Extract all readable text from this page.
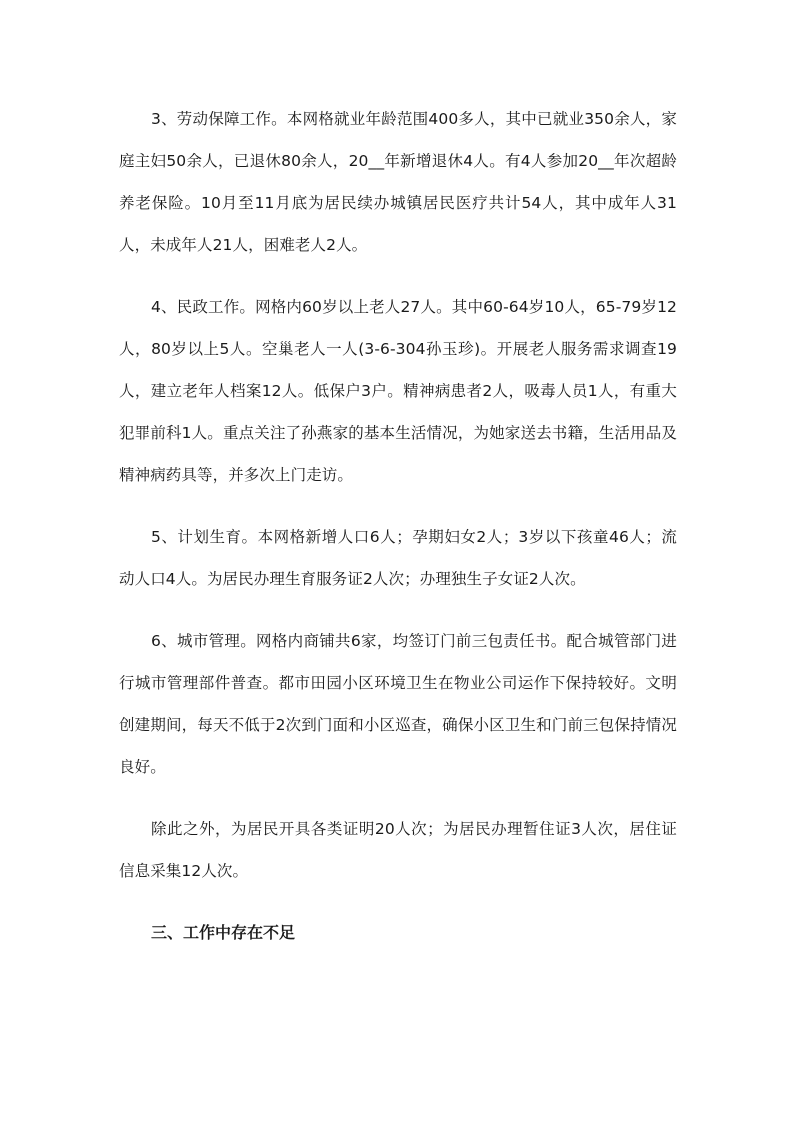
3、劳动保障工作。本网格就业年龄范围400多人，其中已就业350余人，家庭主妇50余人，已退休80余人，20__年新增退休4人。有4人参加20__年次超龄养老保险。10月至11月底为居民续办城镇居民医疗共计54人，其中成年人31人，未成年人21人，困难老人2人。

4、民政工作。网格内60岁以上老人27人。其中60-64岁10人，65-79岁12人，80岁以上5人。空巢老人一人(3-6-304孙玉珍)。开展老人服务需求调查19人，建立老年人档案12人。低保户3户。精神病患者2人，吸毒人员1人，有重大犯罪前科1人。重点关注了孙燕家的基本生活情况，为她家送去书籍，生活用品及精神病药具等，并多次上门走访。

5、计划生育。本网格新增人口6人；孕期妇女2人；3岁以下孩童46人；流动人口4人。为居民办理生育服务证2人次；办理独生子女证2人次。

6、城市管理。网格内商铺共6家，均签订门前三包责任书。配合城管部门进行城市管理部件普查。都市田园小区环境卫生在物业公司运作下保持较好。文明创建期间，每天不低于2次到门面和小区巡查，确保小区卫生和门前三包保持情况良好。

除此之外，为居民开具各类证明20人次；为居民办理暂住证3人次，居住证信息采集12人次。

三、工作中存在不足
